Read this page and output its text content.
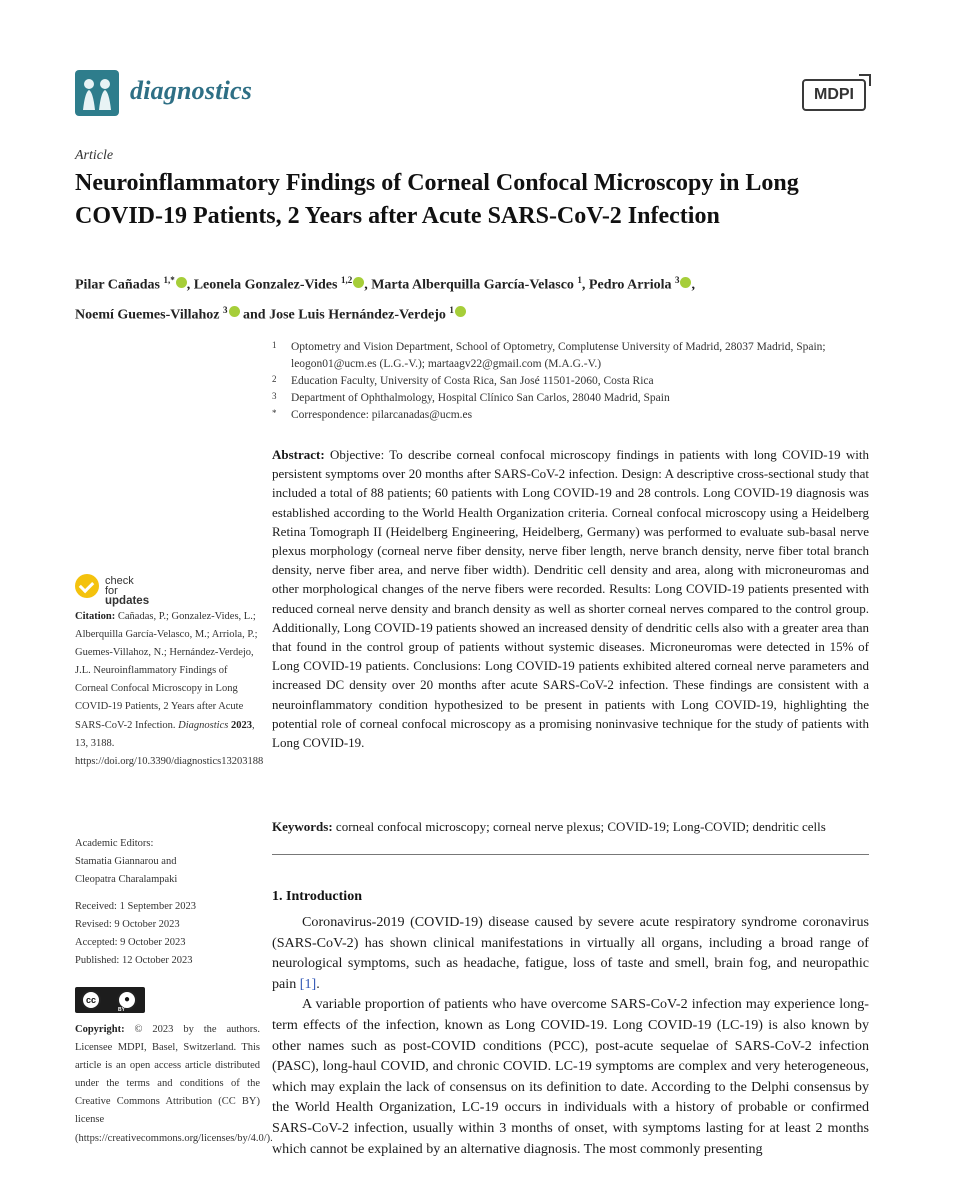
diagnostics	MDPI
Article
Neuroinflammatory Findings of Corneal Confocal Microscopy in Long COVID-19 Patients, 2 Years after Acute SARS-CoV-2 Infection
Pilar Cañadas $^{1,*}$ , Leonela Gonzalez-Vides $^{1,2}$ , Marta Alberquilla García-Velasco $^1$, Pedro Arriola $^3$ ,
Noemí Guemes-Villahoz $^3$ and Jose Luis Hernández-Verdejo $^1$
1 Optometry and Vision Department, School of Optometry, Complutense University of Madrid, 28037 Madrid, Spain; leogon01@ucm.es (L.G.-V.); martaagv22@gmail.com (M.A.G.-V.)
2 Education Faculty, University of Costa Rica, San José 11501-2060, Costa Rica
3 Department of Ophthalmology, Hospital Clínico San Carlos, 28040 Madrid, Spain
* Correspondence: pilarcanadas@ucm.es
Abstract: Objective: To describe corneal confocal microscopy findings in patients with long COVID-19 with persistent symptoms over 20 months after SARS-CoV-2 infection. Design: A descriptive cross-sectional study that included a total of 88 patients; 60 patients with Long COVID-19 and 28 controls. Long COVID-19 diagnosis was established according to the World Health Organization criteria. Corneal confocal microscopy using a Heidelberg Retina Tomograph II (Heidelberg Engineering, Heidelberg, Germany) was performed to evaluate sub-basal nerve plexus morphology (corneal nerve fiber density, nerve fiber length, nerve branch density, nerve fiber total branch density, nerve fiber area, and nerve fiber width). Dendritic cell density and area, along with microneuromas and other morphological changes of the nerve fibers were recorded. Results: Long COVID-19 patients presented with reduced corneal nerve density and branch density as well as shorter corneal nerves compared to the control group. Additionally, Long COVID-19 patients showed an increased density of dendritic cells also with a greater area than that found in the control group of patients without systemic diseases. Microneuromas were detected in 15% of Long COVID-19 patients. Conclusions: Long COVID-19 patients exhibited altered corneal nerve parameters and increased DC density over 20 months after acute SARS-CoV-2 infection. These findings are consistent with a neuroinflammatory condition hypothesized to be present in patients with Long COVID-19, highlighting the potential role of corneal confocal microscopy as a promising noninvasive technique for the study of patients with Long COVID-19.
Keywords: corneal confocal microscopy; corneal nerve plexus; COVID-19; Long-COVID; dendritic cells
1. Introduction

Coronavirus-2019 (COVID-19) disease caused by severe acute respiratory syndrome coronavirus (SARS-CoV-2) has shown clinical manifestations in virtually all organs, including a broad range of neurological symptoms, such as headache, fatigue, loss of taste and smell, brain fog, and neuropathic pain [1].

A variable proportion of patients who have overcome SARS-CoV-2 infection may experience long-term effects of the infection, known as Long COVID-19. Long COVID-19 (LC-19) is also known by other names such as post-COVID conditions (PCC), post-acute sequelae of SARS-CoV-2 infection (PASC), long-haul COVID, and chronic COVID. LC-19 symptoms are complex and very heterogeneous, which may explain the lack of consensus on its definition to date. According to the Delphi consensus by the World Health Organization, LC-19 occurs in individuals with a history of probable or confirmed SARS-CoV-2 infection, usually within 3 months of onset, with symptoms lasting for at least 2 months which cannot be explained by an alternative diagnosis. The most commonly presenting

check for
updates
Citation: Cañadas, P.; Gonzalez-Vides, L.; Alberquilla García-Velasco, M.; Arriola, P.; Guemes-Villahoz, N.; Hernández-Verdejo, J.L. Neuroinflammatory Findings of Corneal Confocal Microscopy in Long COVID-19 Patients, 2 Years after Acute SARS-CoV-2 Infection. Diagnostics 2023, 13, 3188. https://doi.org/10.3390/diagnostics13203188
Academic Editors:
Stamatia Giannarou and
Cleopatra Charalampaki
Received: 1 September 2023
Revised: 9 October 2023
Accepted: 9 October 2023
Published: 12 October 2023
cc	●
BY
Copyright: © 2023 by the authors. Licensee MDPI, Basel, Switzerland. This article is an open access article distributed under the terms and conditions of the Creative Commons Attribution (CC BY) license (https://creativecommons.org/licenses/by/4.0/).
